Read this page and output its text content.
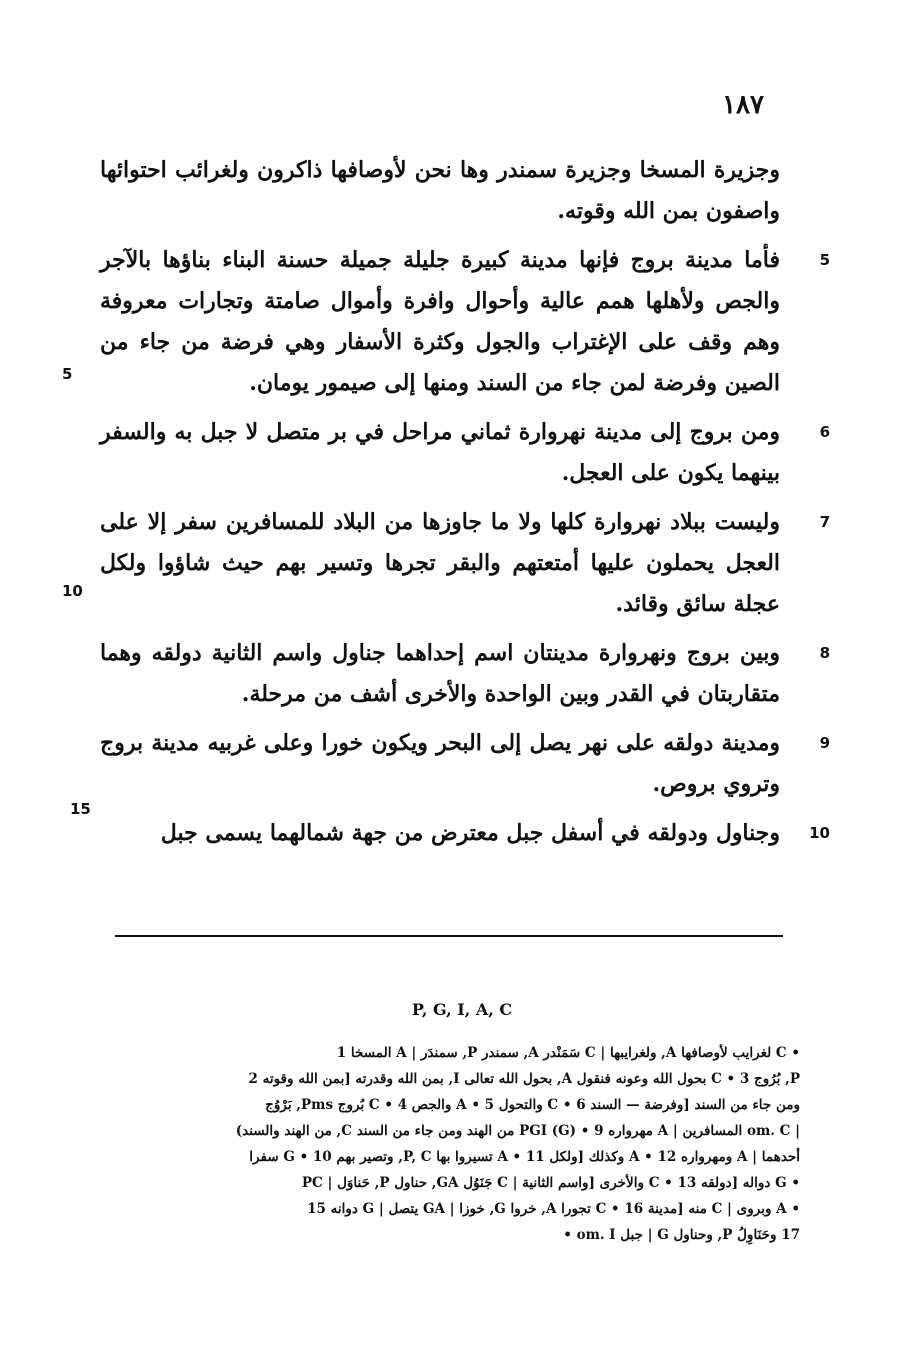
١٨٧

وجزيرة المسخا وجزيرة سمندر وها نحن لأوصافها ذاكرون ولغرائب احتوائها واصفون بمن الله وقوته.

5

فأما مدينة بروج فإنها مدينة كبيرة جليلة جميلة حسنة البناء بناؤها بالآجر والجص ولأهلها همم عالية وأحوال وافرة وأموال صامتة وتجارات معروفة وهم وقف على الإغتراب والجول وكثرة الأسفار وهي فرضة من جاء من الصين وفرضة لمن جاء من السند ومنها إلى صيمور يومان.

6

ومن بروج إلى مدينة نهروارة ثماني مراحل في بر متصل لا جبل به والسفر بينهما يكون على العجل.

7

وليست ببلاد نهروارة كلها ولا ما جاوزها من البلاد للمسافرين سفر إلا على العجل يحملون عليها أمتعتهم والبقر تجرها وتسير بهم حيث شاؤوا ولكل عجلة سائق وقائد.

8

وبين بروج ونهروارة مدينتان اسم إحداهما جناول واسم الثانية دولقه وهما متقاربتان في القدر وبين الواحدة والأخرى أشف من مرحلة.

9

ومدينة دولقه على نهر يصل إلى البحر ويكون خورا وعلى غربيه مدينة بروج وتروي بروص.

10

وجناول ودولقه في أسفل جبل معترض من جهة شمالهما يسمى جبل

5
10
15
P, G, I, A, C
• C لغرايب لأوصافها A, ولغرايبها | C سَمَنْدر A, سمندر P, سمندَر | A المسخا 1
P, بُرُوج 3 • C بحول الله وعونه فنقول A, بحول الله تعالى I, بمن الله وقدرته [بمن الله وقوته 2
ومن جاء من السند [وفرضة — السند 6 • C والتحول 5 • A والجص 4 • C بُروج Pms, بَرْوُج
| om. C المسافرين | A مهرواره 9 • PGI (G) من الهند ومن جاء من السند C, من الهند والسند)
أحدهما | A ومهرواره 12 • A وكذلك [ولكل 11 • A تسيروا بها P, C, وتصير بهم 10 • G سفرا
• G دواله [دولقه 13 • C والأخرى [واسم الثانية | C جَنَوُل GA, حناول P, حَناوَل | PC
• A وبروى | C منه [مدينة 16 • C تجورا A, خروا G, خوزا | GA يتصل | G دوانه 15
17 وحَنَاوِلُ P, وحناول G | جبل om. I •
